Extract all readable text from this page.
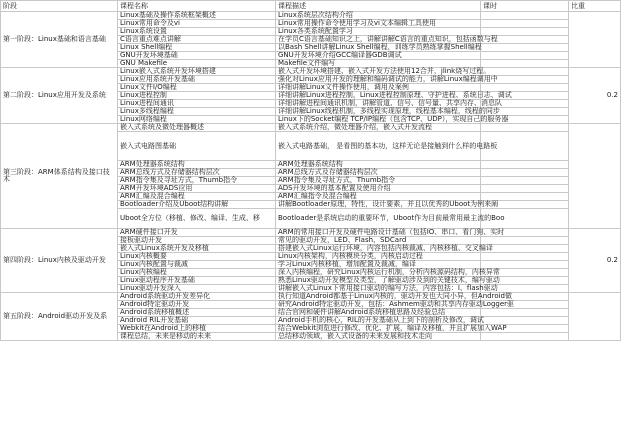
阶段	课程名称	课程描述	课时	比重
第一阶段：Linux基础和语言基础	Linux基础及操作系统框架概述	Linux系统层次结构介绍		
	Linux常用命令及vi	Linux常用操作命令使用学习及vi文本编辑工具使用		
	Linux系统设置	Linux各类系统配置学习		
	C语言重点难点讲解	在学员C语言基础知识之上，讲解讲解C语言的重点知识，包括函数与程		
	Linux Shell编程	以Bash Shell讲解Linux Shell编程，训练学员熟练掌握Shell编程		
	GNU开发环境基础	GNU开发环境介绍GCC编译器GDB调试		
	GNU Makefile	Makefile文件编写		
第二阶段：Linux应用开发及系统	Linux嵌入式系统开发环境搭建	嵌入式开发环境搭建、嵌入式开发方法使用12合并，jlink烧写过程。		0.2
	Linux应用系统开发基础	强化对Linux应用开发的理解和编码调试的能力，讲解Linux编程调用中		
	Linux文件I/O编程	详细讲解Linux文件操作使用，调用及案例		
	Linux进程控制	详细讲解Linux进程控制，Linux进程控制原理、守护进程、系统日志、调试		
	Linux进程间通讯	详细讲解进程间通讯机制，讲解管道、信号、信号量、共享内存、消息队		
	Linux多线程编程	详细讲解Linux线程机制，多线程实现原理，线程基本编程，线程的同步		
	Linux网络编程	Linux下的Socket编程 TCP/IP编程（包含TCP、UDP），实现自己的服务器		
第三阶段：ARM体系结构及接口技术	嵌入式系统及微处理器概述	嵌入式系统介绍，微处理器介绍，嵌入式开发流程		
	嵌入式电路图基础	嵌入式电路基础， 是看图的基本功，这样无论是接触到什么样的电路板		
	ARM处理器系统结构	ARM处理器系统结构		
	ARM总线方式及存储器结构层次	ARM总线方式及存储器结构层次		
	ARM指令集及寻址方式，Thumb指令	ARM指令集及寻址方式，Thumb指令		
	ARM开发环境ADS应用	ADS开发环境的基本配置及使用介绍		
	ARM汇编及混合编程	ARM汇编指令及混合编程		
	Bootloader介绍及Uboot结构讲解	讲解Bootloader原理，特性，设计要素，并且以优秀的Uboot为例来阐		
	Uboot全方位（移植、修改、编译、生成、移	Bootloader是系统启动的重要环节，Uboot作为目前最常用最主流的Boo		
第四阶段：Linux内核及驱动开发	ARM硬件接口开发	ARM的常用接口开发及硬件电路设计基础（包括IO、串口、看门狗、实时		0.2
	接板驱动开发	常见的驱动开发，LED、Flash、SDCard		
	嵌入式Linux系统开发及移植	搭建嵌入式Linux运行环境，内容包括内核裁减、内核移植、交叉编译		
	Linux内核概要	Linux内核架构，内核模块分类，内核启动过程		
	Linux内核配置与裁减	学习Linux内核移植，增加配置及裁减，编译		
	Linux内核编程	深入内核编程，研究Linux内核运行机制，分析内核源码结构，内核异常		
	Linux驱动程序开发基础	熟悉Linux驱动开发模型及类型，了解驱动涉及到的关键技术，编写驱动		
	Linux驱动开发深入	讲解嵌入式Linux下常用接口驱动的编写方法，内容包括：I、flash驱动		
第五阶段：Android驱动开发及系	Android系统驱动开发差异化	执行知道Android都基于Linux内核的，驱动开发也大同小异，但Android做		
	Android特定驱动开发	研究Android特定驱动开发，包括：Ashmem驱动和共享内存驱动Logger驱		
	Android系统移植概述	结合官网和硬件讲解Android系统移植思路及经验总结		
	Android RIL开发基础	Android手机的核心，RIL的开发基础从上到下的剖析及修改，调试		
	Webkit在Android上的移植	结合Webkit浏览进行修改、优化、扩展，编译及移植，并且扩展加入WAP		
	课程总结，未来是移动的未来	总结移动领域，嵌入式设备的未来发展和技术走向		
